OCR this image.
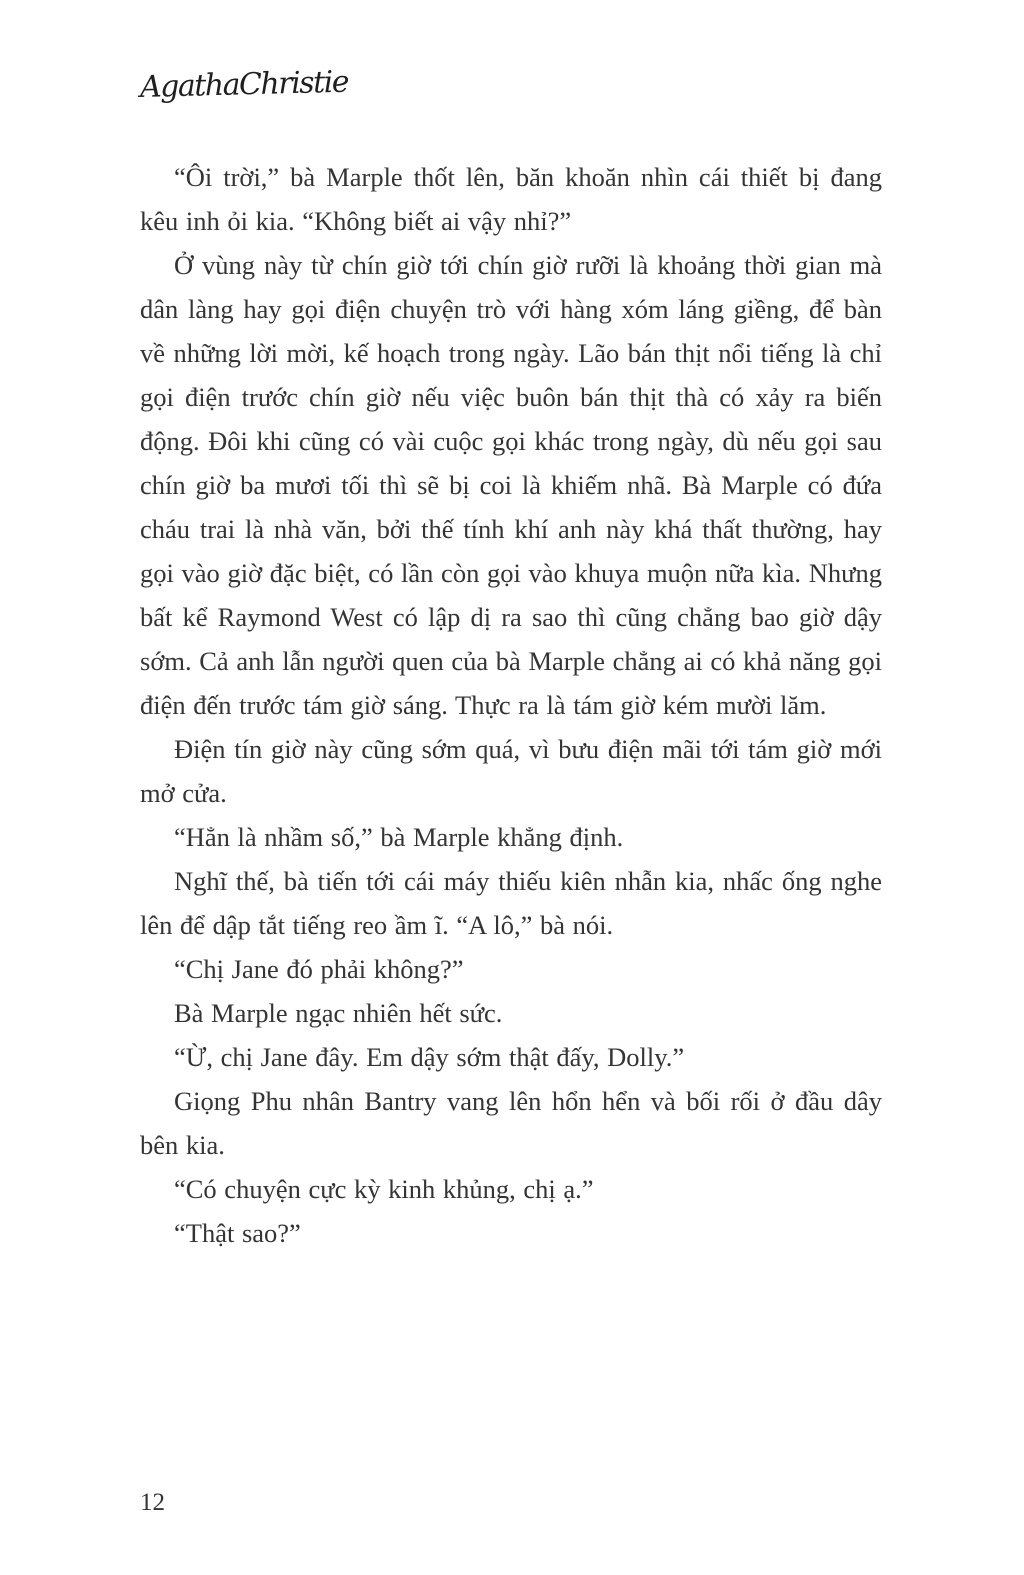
AgathaChristie

“Ôi trời,” bà Marple thốt lên, băn khoăn nhìn cái thiết bị đang kêu inh ỏi kia. “Không biết ai vậy nhỉ?”

Ở vùng này từ chín giờ tới chín giờ rưỡi là khoảng thời gian mà dân làng hay gọi điện chuyện trò với hàng xóm láng giềng, để bàn về những lời mời, kế hoạch trong ngày. Lão bán thịt nổi tiếng là chỉ gọi điện trước chín giờ nếu việc buôn bán thịt thà có xảy ra biến động. Đôi khi cũng có vài cuộc gọi khác trong ngày, dù nếu gọi sau chín giờ ba mươi tối thì sẽ bị coi là khiếm nhã. Bà Marple có đứa cháu trai là nhà văn, bởi thế tính khí anh này khá thất thường, hay gọi vào giờ đặc biệt, có lần còn gọi vào khuya muộn nữa kìa. Nhưng bất kể Raymond West có lập dị ra sao thì cũng chẳng bao giờ dậy sớm. Cả anh lẫn người quen của bà Marple chẳng ai có khả năng gọi điện đến trước tám giờ sáng. Thực ra là tám giờ kém mười lăm.

Điện tín giờ này cũng sớm quá, vì bưu điện mãi tới tám giờ mới mở cửa.

“Hẳn là nhầm số,” bà Marple khẳng định.

Nghĩ thế, bà tiến tới cái máy thiếu kiên nhẫn kia, nhấc ống nghe lên để dập tắt tiếng reo ầm ĩ. “A lô,” bà nói.

“Chị Jane đó phải không?”

Bà Marple ngạc nhiên hết sức.

“Ừ, chị Jane đây. Em dậy sớm thật đấy, Dolly.”

Giọng Phu nhân Bantry vang lên hổn hển và bối rối ở đầu dây bên kia.

“Có chuyện cực kỳ kinh khủng, chị ạ.”

“Thật sao?”

12
